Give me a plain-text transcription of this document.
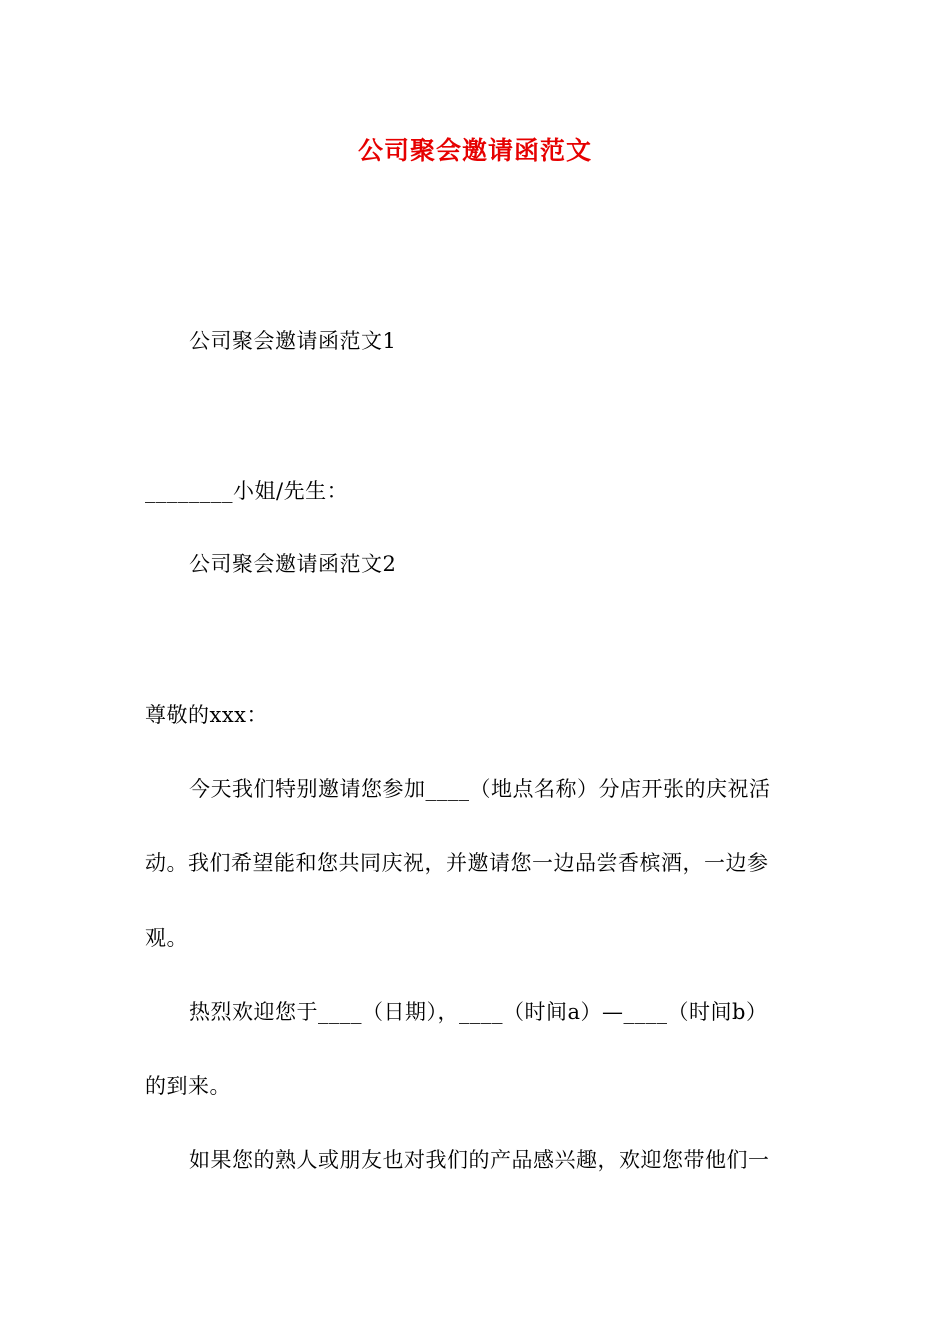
公司聚会邀请函范文
公司聚会邀请函范文1
________小姐/先生：
公司聚会邀请函范文2
尊敬的xxx：
今天我们特别邀请您参加____（地点名称）分店开张的庆祝活
动。我们希望能和您共同庆祝，并邀请您一边品尝香槟酒，一边参
观。
热烈欢迎您于____（日期），____（时间a）—____（时间b）
的到来。
如果您的熟人或朋友也对我们的产品感兴趣，欢迎您带他们一
